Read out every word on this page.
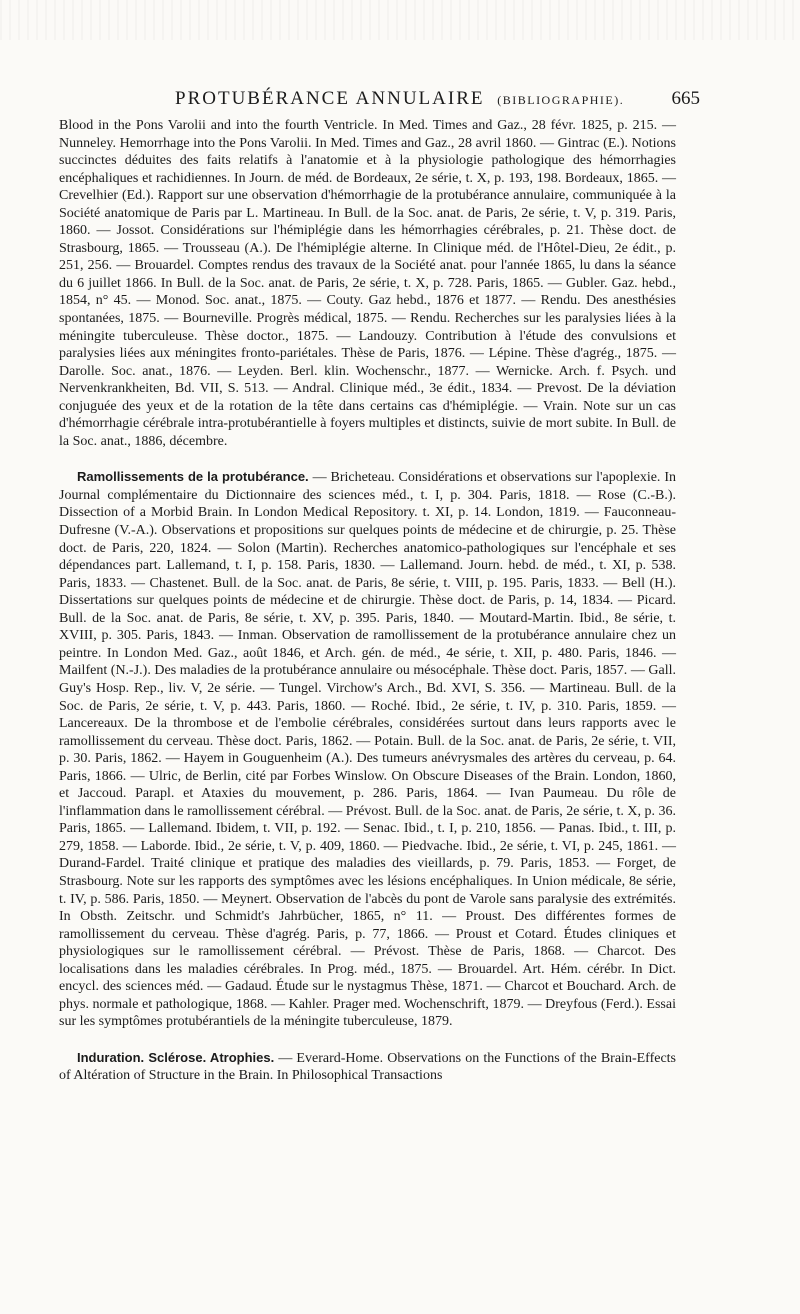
PROTUBÉRANCE ANNULAIRE (BIBLIOGRAPHIE). 665

Blood in the Pons Varolii and into the fourth Ventricle. In Med. Times and Gaz., 28 févr. 1825, p. 215. — Nunneley. Hemorrhage into the Pons Varolii. In Med. Times and Gaz., 28 avril 1860. — Gintrac (E.). Notions succinctes déduites des faits relatifs à l'anatomie et à la physiologie pathologique des hémorrhagies encéphaliques et rachidiennes. In Journ. de méd. de Bordeaux, 2e série, t. X, p. 193, 198. Bordeaux, 1865. — Crevelhier (Ed.). Rapport sur une observation d'hémorrhagie de la protubérance annulaire, communiquée à la Société anatomique de Paris par L. Martineau. In Bull. de la Soc. anat. de Paris, 2e série, t. V, p. 319. Paris, 1860. — Jossot. Considérations sur l'hémiplégie dans les hémorrhagies cérébrales, p. 21. Thèse doct. de Strasbourg, 1865. — Trousseau (A.). De l'hémiplégie alterne. In Clinique méd. de l'Hôtel-Dieu, 2e édit., p. 251, 256. — Brouardel. Comptes rendus des travaux de la Société anat. pour l'année 1865, lu dans la séance du 6 juillet 1866. In Bull. de la Soc. anat. de Paris, 2e série, t. X, p. 728. Paris, 1865. — Gubler. Gaz. hebd., 1854, n° 45. — Monod. Soc. anat., 1875. — Couty. Gaz hebd., 1876 et 1877. — Rendu. Des anesthésies spontanées, 1875. — Bourneville. Progrès médical, 1875. — Rendu. Recherches sur les paralysies liées à la méningite tuberculeuse. Thèse doctor., 1875. — Landouzy. Contribution à l'étude des convulsions et paralysies liées aux méningites fronto-pariétales. Thèse de Paris, 1876. — Lépine. Thèse d'agrég., 1875. — Darolle. Soc. anat., 1876. — Leyden. Berl. klin. Wochenschr., 1877. — Wernicke. Arch. f. Psych. und Nervenkrankheiten, Bd. VII, S. 513. — Andral. Clinique méd., 3e édit., 1834. — Prevost. De la déviation conjuguée des yeux et de la rotation de la tête dans certains cas d'hémiplégie. — Vrain. Note sur un cas d'hémorrhagie cérébrale intra-protubérantielle à foyers multiples et distincts, suivie de mort subite. In Bull. de la Soc. anat., 1886, décembre.

Ramollissements de la protubérance. — Bricheteau. Considérations et observations sur l'apoplexie. In Journal complémentaire du Dictionnaire des sciences méd., t. I, p. 304. Paris, 1818. — Rose (C.-B.). Dissection of a Morbid Brain. In London Medical Repository. t. XI, p. 14. London, 1819. — Fauconneau-Dufresne (V.-A.). Observations et propositions sur quelques points de médecine et de chirurgie, p. 25. Thèse doct. de Paris, 220, 1824. — Solon (Martin). Recherches anatomico-pathologiques sur l'encéphale et ses dépendances part. Lallemand, t. I, p. 158. Paris, 1830. — Lallemand. Journ. hebd. de méd., t. XI, p. 538. Paris, 1833. — Chastenet. Bull. de la Soc. anat. de Paris, 8e série, t. VIII, p. 195. Paris, 1833. — Bell (H.). Dissertations sur quelques points de médecine et de chirurgie. Thèse doct. de Paris, p. 14, 1834. — Picard. Bull. de la Soc. anat. de Paris, 8e série, t. XV, p. 395. Paris, 1840. — Moutard-Martin. Ibid., 8e série, t. XVIII, p. 305. Paris, 1843. — Inman. Observation de ramollissement de la protubérance annulaire chez un peintre. In London Med. Gaz., août 1846, et Arch. gén. de méd., 4e série, t. XII, p. 480. Paris, 1846. — Mailfent (N.-J.). Des maladies de la protubérance annulaire ou mésocéphale. Thèse doct. Paris, 1857. — Gall. Guy's Hosp. Rep., liv. V, 2e série. — Tungel. Virchow's Arch., Bd. XVI, S. 356. — Martineau. Bull. de la Soc. de Paris, 2e série, t. V, p. 443. Paris, 1860. — Roché. Ibid., 2e série, t. IV, p. 310. Paris, 1859. — Lancereaux. De la thrombose et de l'embolie cérébrales, considérées surtout dans leurs rapports avec le ramollissement du cerveau. Thèse doct. Paris, 1862. — Potain. Bull. de la Soc. anat. de Paris, 2e série, t. VII, p. 30. Paris, 1862. — Hayem in Gouguenheim (A.). Des tumeurs anévrysmales des artères du cerveau, p. 64. Paris, 1866. — Ulric, de Berlin, cité par Forbes Winslow. On Obscure Diseases of the Brain. London, 1860, et Jaccoud. Parapl. et Ataxies du mouvement, p. 286. Paris, 1864. — Ivan Paumeau. Du rôle de l'inflammation dans le ramollissement cérébral. — Prévost. Bull. de la Soc. anat. de Paris, 2e série, t. X, p. 36. Paris, 1865. — Lallemand. Ibidem, t. VII, p. 192. — Senac. Ibid., t. I, p. 210, 1856. — Panas. Ibid., t. III, p. 279, 1858. — Laborde. Ibid., 2e série, t. V, p. 409, 1860. — Piedvache. Ibid., 2e série, t. VI, p. 245, 1861. — Durand-Fardel. Traité clinique et pratique des maladies des vieillards, p. 79. Paris, 1853. — Forget, de Strasbourg. Note sur les rapports des symptômes avec les lésions encéphaliques. In Union médicale, 8e série, t. IV, p. 586. Paris, 1850. — Meynert. Observation de l'abcès du pont de Varole sans paralysie des extrémités. In Obsth. Zeitschr. und Schmidt's Jahrbücher, 1865, n° 11. — Proust. Des différentes formes de ramollissement du cerveau. Thèse d'agrég. Paris, p. 77, 1866. — Proust et Cotard. Études cliniques et physiologiques sur le ramollissement cérébral. — Prévost. Thèse de Paris, 1868. — Charcot. Des localisations dans les maladies cérébrales. In Prog. méd., 1875. — Brouardel. Art. Hém. cérébr. In Dict. encycl. des sciences méd. — Gadaud. Étude sur le nystagmus Thèse, 1871. — Charcot et Bouchard. Arch. de phys. normale et pathologique, 1868. — Kahler. Prager med. Wochenschrift, 1879. — Dreyfous (Ferd.). Essai sur les symptômes protubérantiels de la méningite tuberculeuse, 1879.

Induration. Sclérose. Atrophies. — Everard-Home. Observations on the Functions of the Brain-Effects of Altération of Structure in the Brain. In Philosophical Transactions
